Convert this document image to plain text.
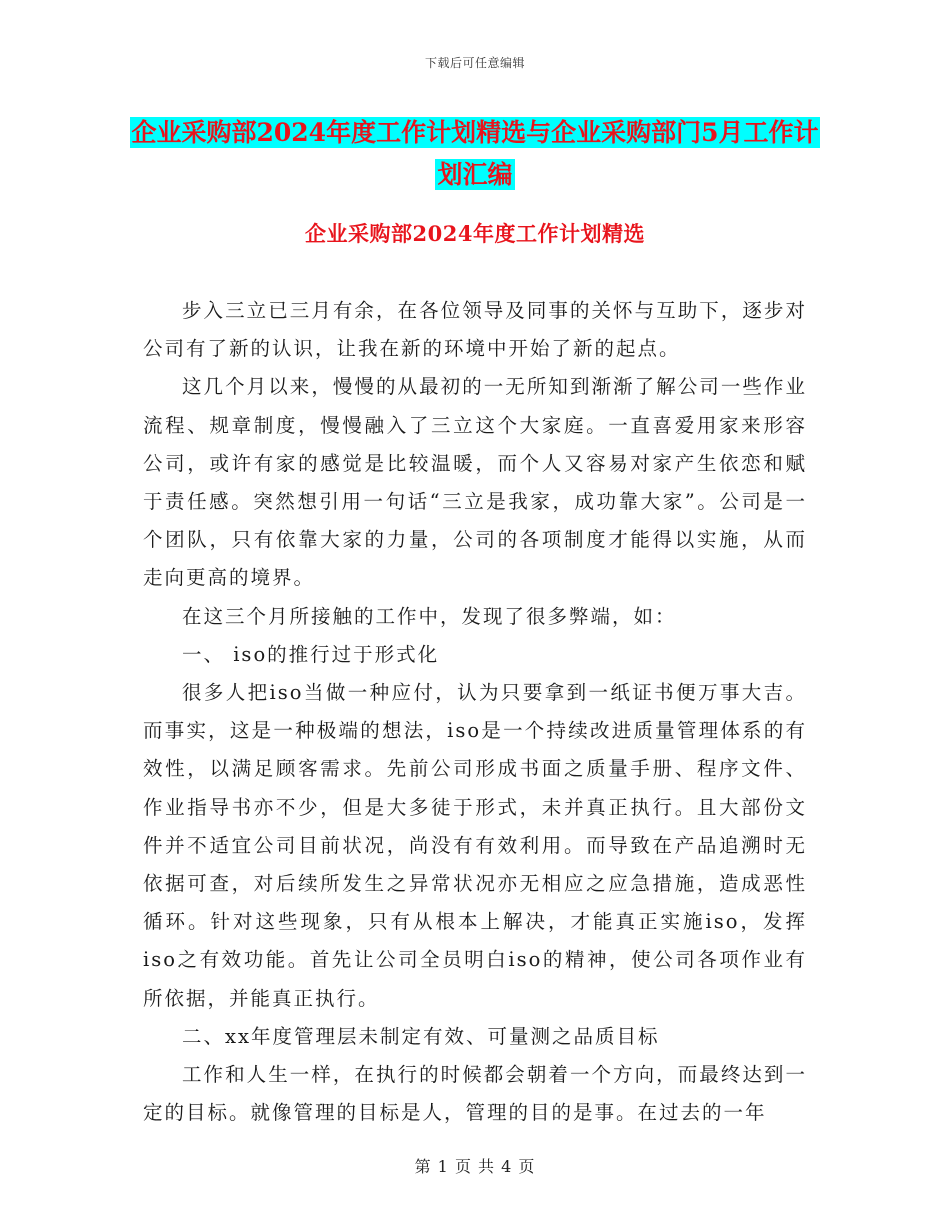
下载后可任意编辑
企业采购部2024年度工作计划精选与企业采购部门5月工作计划汇编
企业采购部2024年度工作计划精选

步入三立已三月有余，在各位领导及同事的关怀与互助下，逐步对公司有了新的认识，让我在新的环境中开始了新的起点。

这几个月以来，慢慢的从最初的一无所知到渐渐了解公司一些作业流程、规章制度，慢慢融入了三立这个大家庭。一直喜爱用家来形容公司，或许有家的感觉是比较温暖，而个人又容易对家产生依恋和赋于责任感。突然想引用一句话“三立是我家，成功靠大家”。公司是一个团队，只有依靠大家的力量，公司的各项制度才能得以实施，从而走向更高的境界。

在这三个月所接触的工作中，发现了很多弊端，如：

一、 iso的推行过于形式化

很多人把iso当做一种应付，认为只要拿到一纸证书便万事大吉。而事实，这是一种极端的想法，iso是一个持续改进质量管理体系的有效性，以满足顾客需求。先前公司形成书面之质量手册、程序文件、作业指导书亦不少，但是大多徒于形式，未并真正执行。且大部份文件并不适宜公司目前状况，尚没有有效利用。而导致在产品追溯时无依据可查，对后续所发生之异常状况亦无相应之应急措施，造成恶性循环。针对这些现象，只有从根本上解决，才能真正实施iso，发挥iso之有效功能。首先让公司全员明白iso的精神，使公司各项作业有所依据，并能真正执行。

二、xx年度管理层未制定有效、可量测之品质目标

工作和人生一样，在执行的时候都会朝着一个方向，而最终达到一定的目标。就像管理的目标是人，管理的目的是事。在过去的一年

第 1 页 共 4 页
